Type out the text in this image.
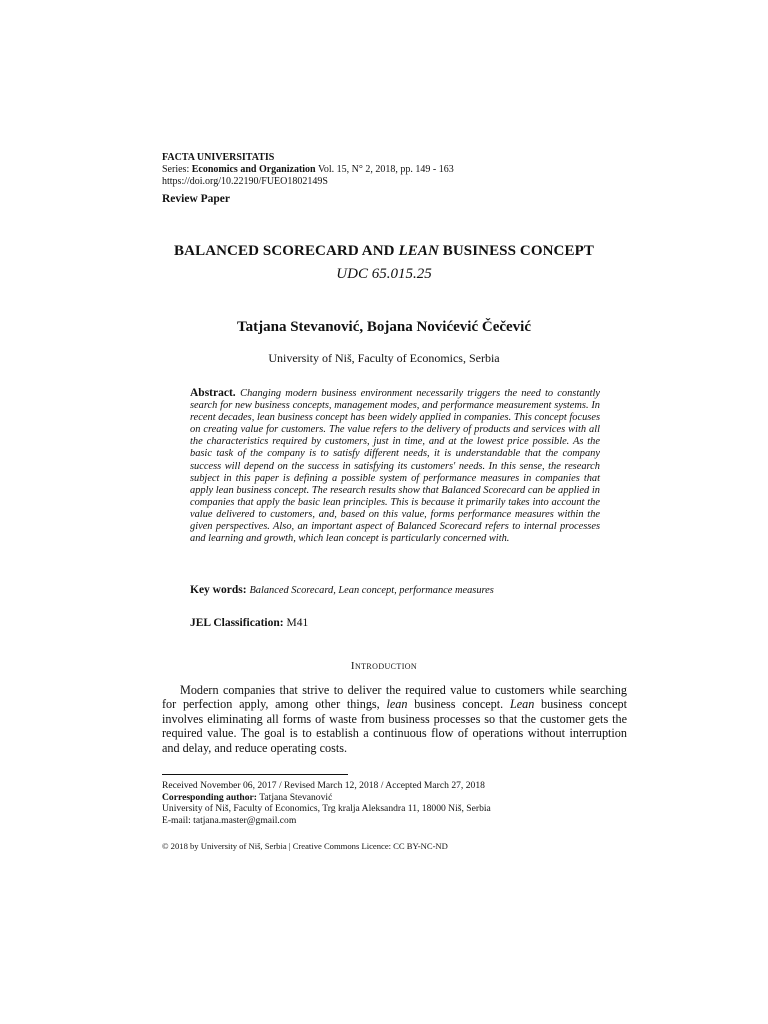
FACTA UNIVERSITATIS
Series: Economics and Organization Vol. 15, N° 2, 2018, pp. 149 - 163
https://doi.org/10.22190/FUEO1802149S
Review Paper
BALANCED SCORECARD AND LEAN BUSINESS CONCEPT
UDC 65.015.25
Tatjana Stevanović, Bojana Novićević Čečević
University of Niš, Faculty of Economics, Serbia
Abstract. Changing modern business environment necessarily triggers the need to constantly search for new business concepts, management modes, and performance measurement systems. In recent decades, lean business concept has been widely applied in companies. This concept focuses on creating value for customers. The value refers to the delivery of products and services with all the characteristics required by customers, just in time, and at the lowest price possible. As the basic task of the company is to satisfy different needs, it is understandable that the company success will depend on the success in satisfying its customers' needs. In this sense, the research subject in this paper is defining a possible system of performance measures in companies that apply lean business concept. The research results show that Balanced Scorecard can be applied in companies that apply the basic lean principles. This is because it primarily takes into account the value delivered to customers, and, based on this value, forms performance measures within the given perspectives. Also, an important aspect of Balanced Scorecard refers to internal processes and learning and growth, which lean concept is particularly concerned with.
Key words: Balanced Scorecard, Lean concept, performance measures
JEL Classification: M41
Introduction
Modern companies that strive to deliver the required value to customers while searching for perfection apply, among other things, lean business concept. Lean business concept involves eliminating all forms of waste from business processes so that the customer gets the required value. The goal is to establish a continuous flow of operations without interruption and delay, and reduce operating costs.
Received November 06, 2017 / Revised March 12, 2018 / Accepted March 27, 2018
Corresponding author: Tatjana Stevanović
University of Niš, Faculty of Economics, Trg kralja Aleksandra 11, 18000 Niš, Serbia
E-mail: tatjana.master@gmail.com
© 2018 by University of Niš, Serbia | Creative Commons Licence: CC BY-NC-ND
